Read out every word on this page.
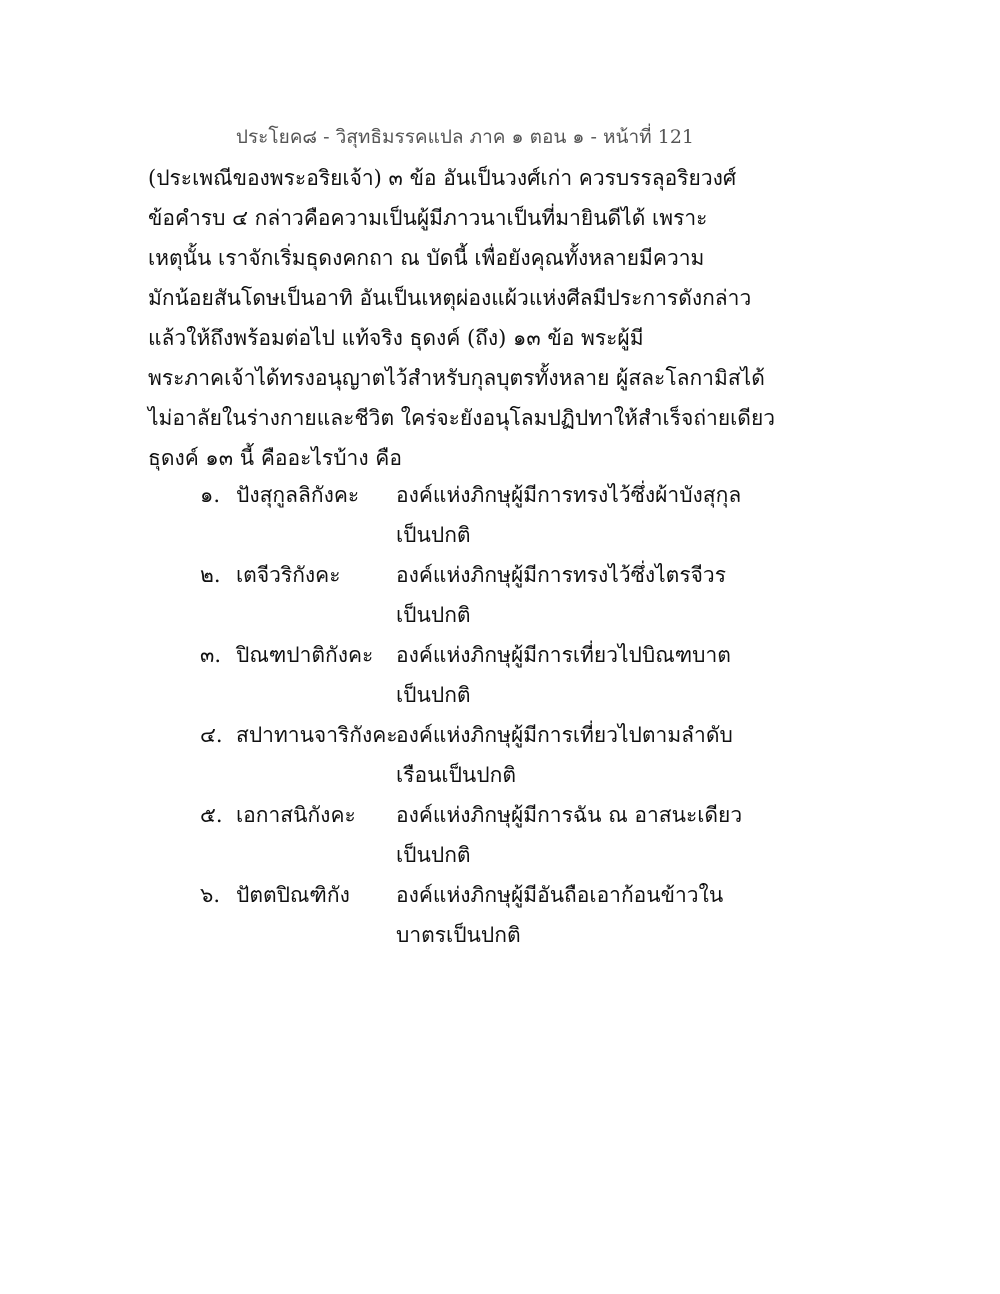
ประโยค๘ - วิสุทธิมรรคแปล ภาค ๑ ตอน ๑ - หน้าที่ 121
(ประเพณีของพระอริยเจ้า) ๓ ข้อ อันเป็นวงศ์เก่า ควรบรรลุอริยวงศ์
ข้อคำรบ ๔ กล่าวคือความเป็นผู้มีภาวนาเป็นที่มายินดีได้ เพราะ
เหตุนั้น เราจักเริ่มธุดงคกถา ณ บัดนี้ เพื่อยังคุณทั้งหลายมีความ
มักน้อยสันโดษเป็นอาทิ อันเป็นเหตุผ่องแผ้วแห่งศีลมีประการดังกล่าว
แล้วให้ถึงพร้อมต่อไป แท้จริง ธุดงค์ (ถึง) ๑๓ ข้อ พระผู้มี
พระภาคเจ้าได้ทรงอนุญาตไว้สำหรับกุลบุตรทั้งหลาย ผู้สละโลกามิสได้
ไม่อาลัยในร่างกายและชีวิต ใคร่จะยังอนุโลมปฏิปทาให้สำเร็จถ่ายเดียว
ธุดงค์ ๑๓ นี้ คืออะไรบ้าง คือ
๑. ปังสุกูลลิกังคะ องค์แห่งภิกษุผู้มีการทรงไว้ซึ่งผ้าบังสุกุล
เป็นปกติ
๒. เตจีวริกังคะ	องค์แห่งภิกษุผู้มีการทรงไว้ซึ่งไตรจีวร
เป็นปกติ
๓. ปิณฑปาติกังคะ องค์แห่งภิกษุผู้มีการเที่ยวไปบิณฑบาต
เป็นปกติ
๔. สปาทานจาริกังคะ
องค์แห่งภิกษุผู้มีการเที่ยวไปตามลำดับ
เรือนเป็นปกติ
๕. เอกาสนิกังคะ องค์แห่งภิกษุผู้มีการฉัน ณ อาสนะเดียว
เป็นปกติ
๖. ปัตตปิณฑิกัง องค์แห่งภิกษุผู้มีอันถือเอาก้อนข้าวใน
บาตรเป็นปกติ
